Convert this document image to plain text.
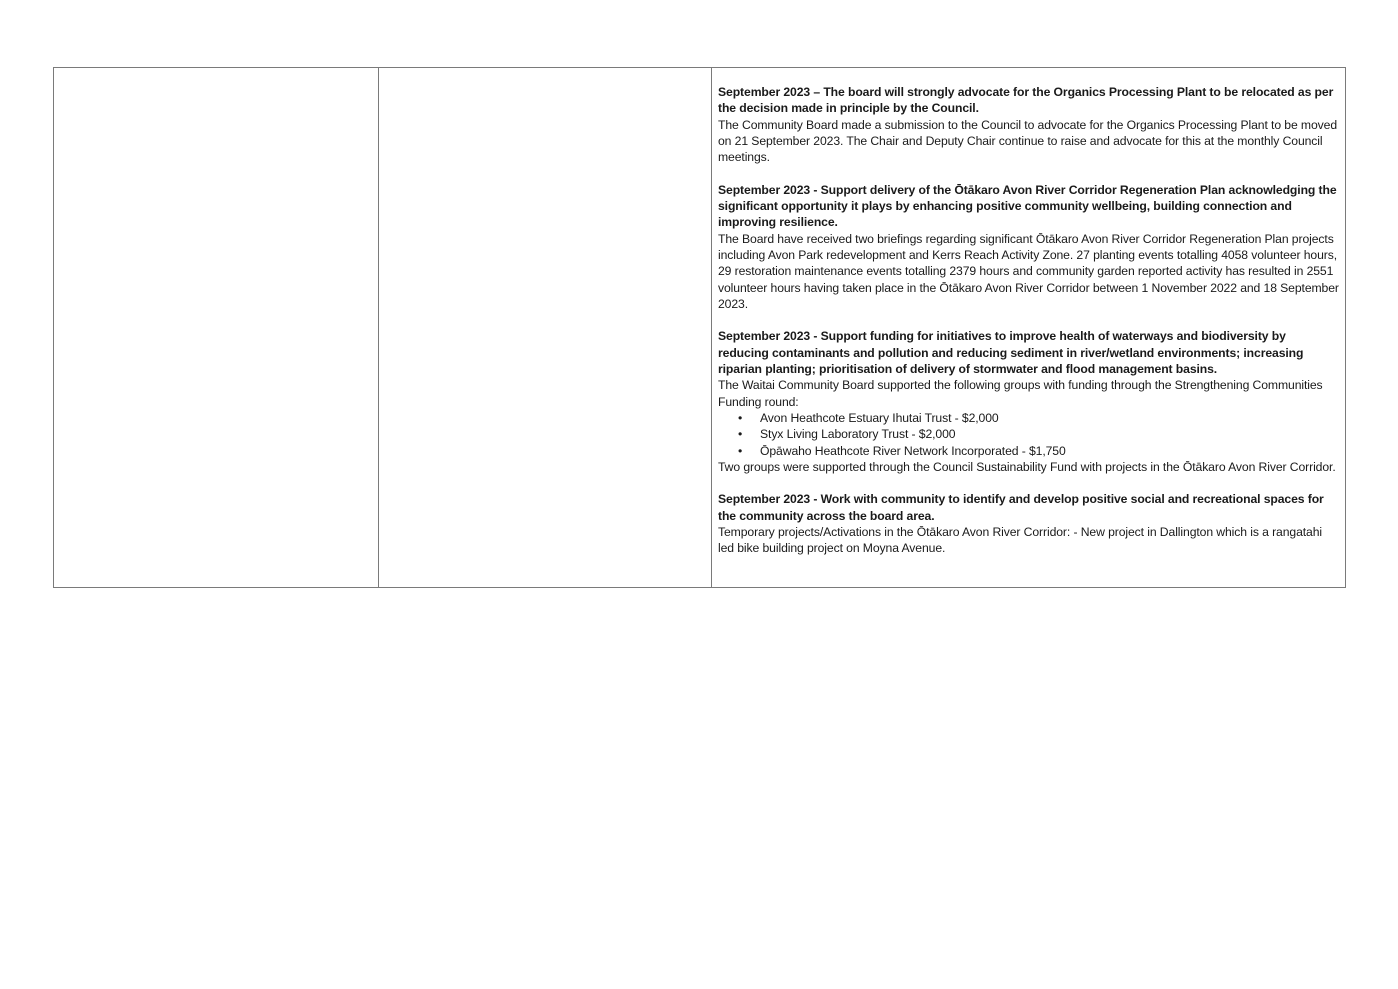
September 2023 – The board will strongly advocate for the Organics Processing Plant to be relocated as per the decision made in principle by the Council.

The Community Board made a submission to the Council to advocate for the Organics Processing Plant to be moved on 21 September 2023. The Chair and Deputy Chair continue to raise and advocate for this at the monthly Council meetings.

September 2023 - Support delivery of the Ōtākaro Avon River Corridor Regeneration Plan acknowledging the significant opportunity it plays by enhancing positive community wellbeing, building connection and improving resilience.

The Board have received two briefings regarding significant Ōtākaro Avon River Corridor Regeneration Plan projects including Avon Park redevelopment and Kerrs Reach Activity Zone. 27 planting events totalling 4058 volunteer hours, 29 restoration maintenance events totalling 2379 hours and community garden reported activity has resulted in 2551 volunteer hours having taken place in the Ōtākaro Avon River Corridor between 1 November 2022 and 18 September 2023.

September 2023 - Support funding for initiatives to improve health of waterways and biodiversity by reducing contaminants and pollution and reducing sediment in river/wetland environments; increasing riparian planting; prioritisation of delivery of stormwater and flood management basins.

The Waitai Community Board supported the following groups with funding through the Strengthening Communities Funding round:

• Avon Heathcote Estuary Ihutai Trust - $2,000
• Styx Living Laboratory Trust - $2,000
• Ōpāwaho Heathcote River Network Incorporated - $1,750

Two groups were supported through the Council Sustainability Fund with projects in the Ōtākaro Avon River Corridor.

September 2023 - Work with community to identify and develop positive social and recreational spaces for the community across the board area.

Temporary projects/Activations in the Ōtākaro Avon River Corridor: - New project in Dallington which is a rangatahi led bike building project on Moyna Avenue.
